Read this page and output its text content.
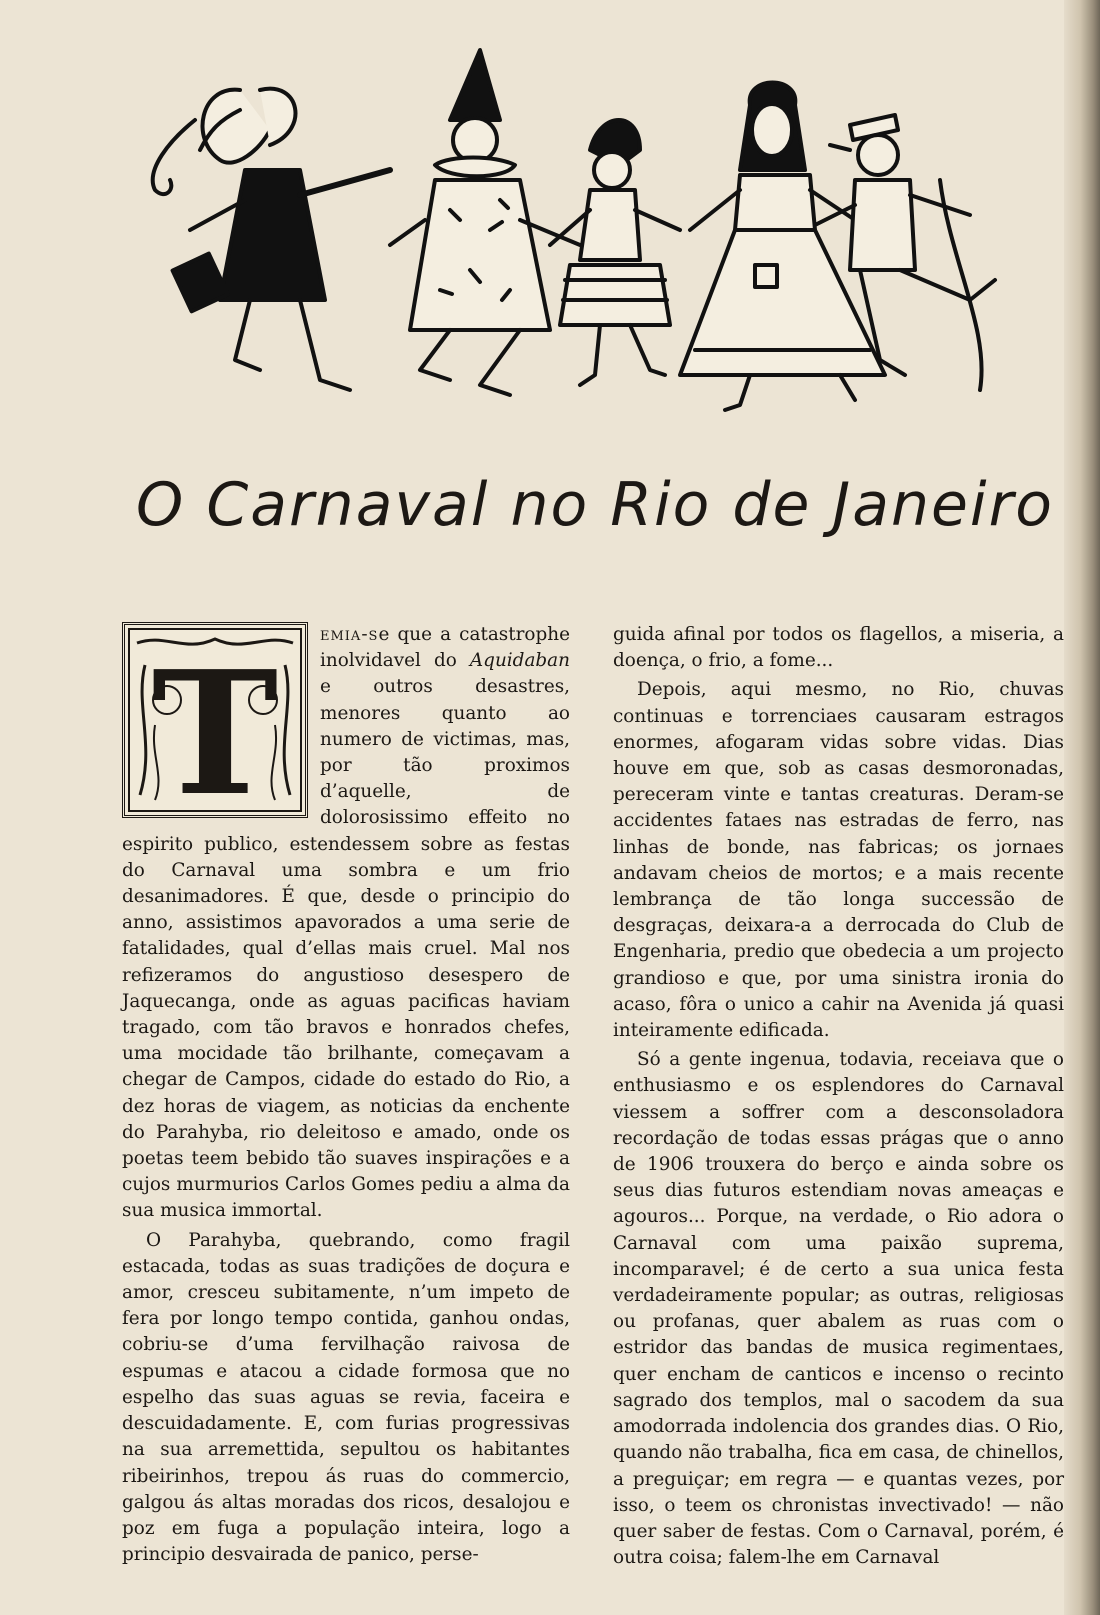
O Carnaval no Rio de Janeiro
T	emia-se que a catastrophe inolvidavel do Aquidaban e outros desastres, menores quanto ao numero de victimas, mas, por tão proximos d’aquelle, de dolorosissimo effeito no espirito publico, estendessem sobre as festas do Carnaval uma sombra e um frio desanimadores. É que, desde o principio do anno, assistimos apavorados a uma serie de fatalidades, qual d’ellas mais cruel. Mal nos refizeramos do angustioso desespero de Jaquecanga, onde as aguas pacificas haviam tragado, com tão bravos e honrados chefes, uma mocidade tão brilhante, começavam a chegar de Campos, cidade do estado do Rio, a dez horas de viagem, as noticias da enchente do Parahyba, rio deleitoso e amado, onde os poetas teem bebido tão suaves inspirações e a cujos murmurios Carlos Gomes pediu a alma da sua musica immortal.

O Parahyba, quebrando, como fragil estacada, todas as suas tradições de doçura e amor, cresceu subitamente, n’um impeto de fera por longo tempo contida, ganhou ondas, cobriu-se d’uma fervilhação raivosa de espumas e atacou a cidade formosa que no espelho das suas aguas se revia, faceira e descuidadamente. E, com furias progressivas na sua arremettida, sepultou os habitantes ribeirinhos, trepou ás ruas do commercio, galgou ás altas moradas dos ricos, desalojou e poz em fuga a população inteira, logo a principio desvairada de panico, perse-

guida afinal por todos os flagellos, a miseria, a doença, o frio, a fome...

Depois, aqui mesmo, no Rio, chuvas continuas e torrenciaes causaram estragos enormes, afogaram vidas sobre vidas. Dias houve em que, sob as casas desmoronadas, pereceram vinte e tantas creaturas. Deram-se accidentes fataes nas estradas de ferro, nas linhas de bonde, nas fabricas; os jornaes andavam cheios de mortos; e a mais recente lembrança de tão longa successão de desgraças, deixara-a a derrocada do Club de Engenharia, predio que obedecia a um projecto grandioso e que, por uma sinistra ironia do acaso, fôra o unico a cahir na Avenida já quasi inteiramente edificada.

Só a gente ingenua, todavia, receiava que o enthusiasmo e os esplendores do Carnaval viessem a soffrer com a desconsoladora recordação de todas essas prágas que o anno de 1906 trouxera do berço e ainda sobre os seus dias futuros estendiam novas ameaças e agouros... Porque, na verdade, o Rio adora o Carnaval com uma paixão suprema, incomparavel; é de certo a sua unica festa verdadeiramente popular; as outras, religiosas ou profanas, quer abalem as ruas com o estridor das bandas de musica regimentaes, quer encham de canticos e incenso o recinto sagrado dos templos, mal o sacodem da sua amodorrada indolencia dos grandes dias. O Rio, quando não trabalha, fica em casa, de chinellos, a preguiçar; em regra — e quantas vezes, por isso, o teem os chronistas invectivado! — não quer saber de festas. Com o Carnaval, porém, é outra coisa; falem-lhe em Carnaval
